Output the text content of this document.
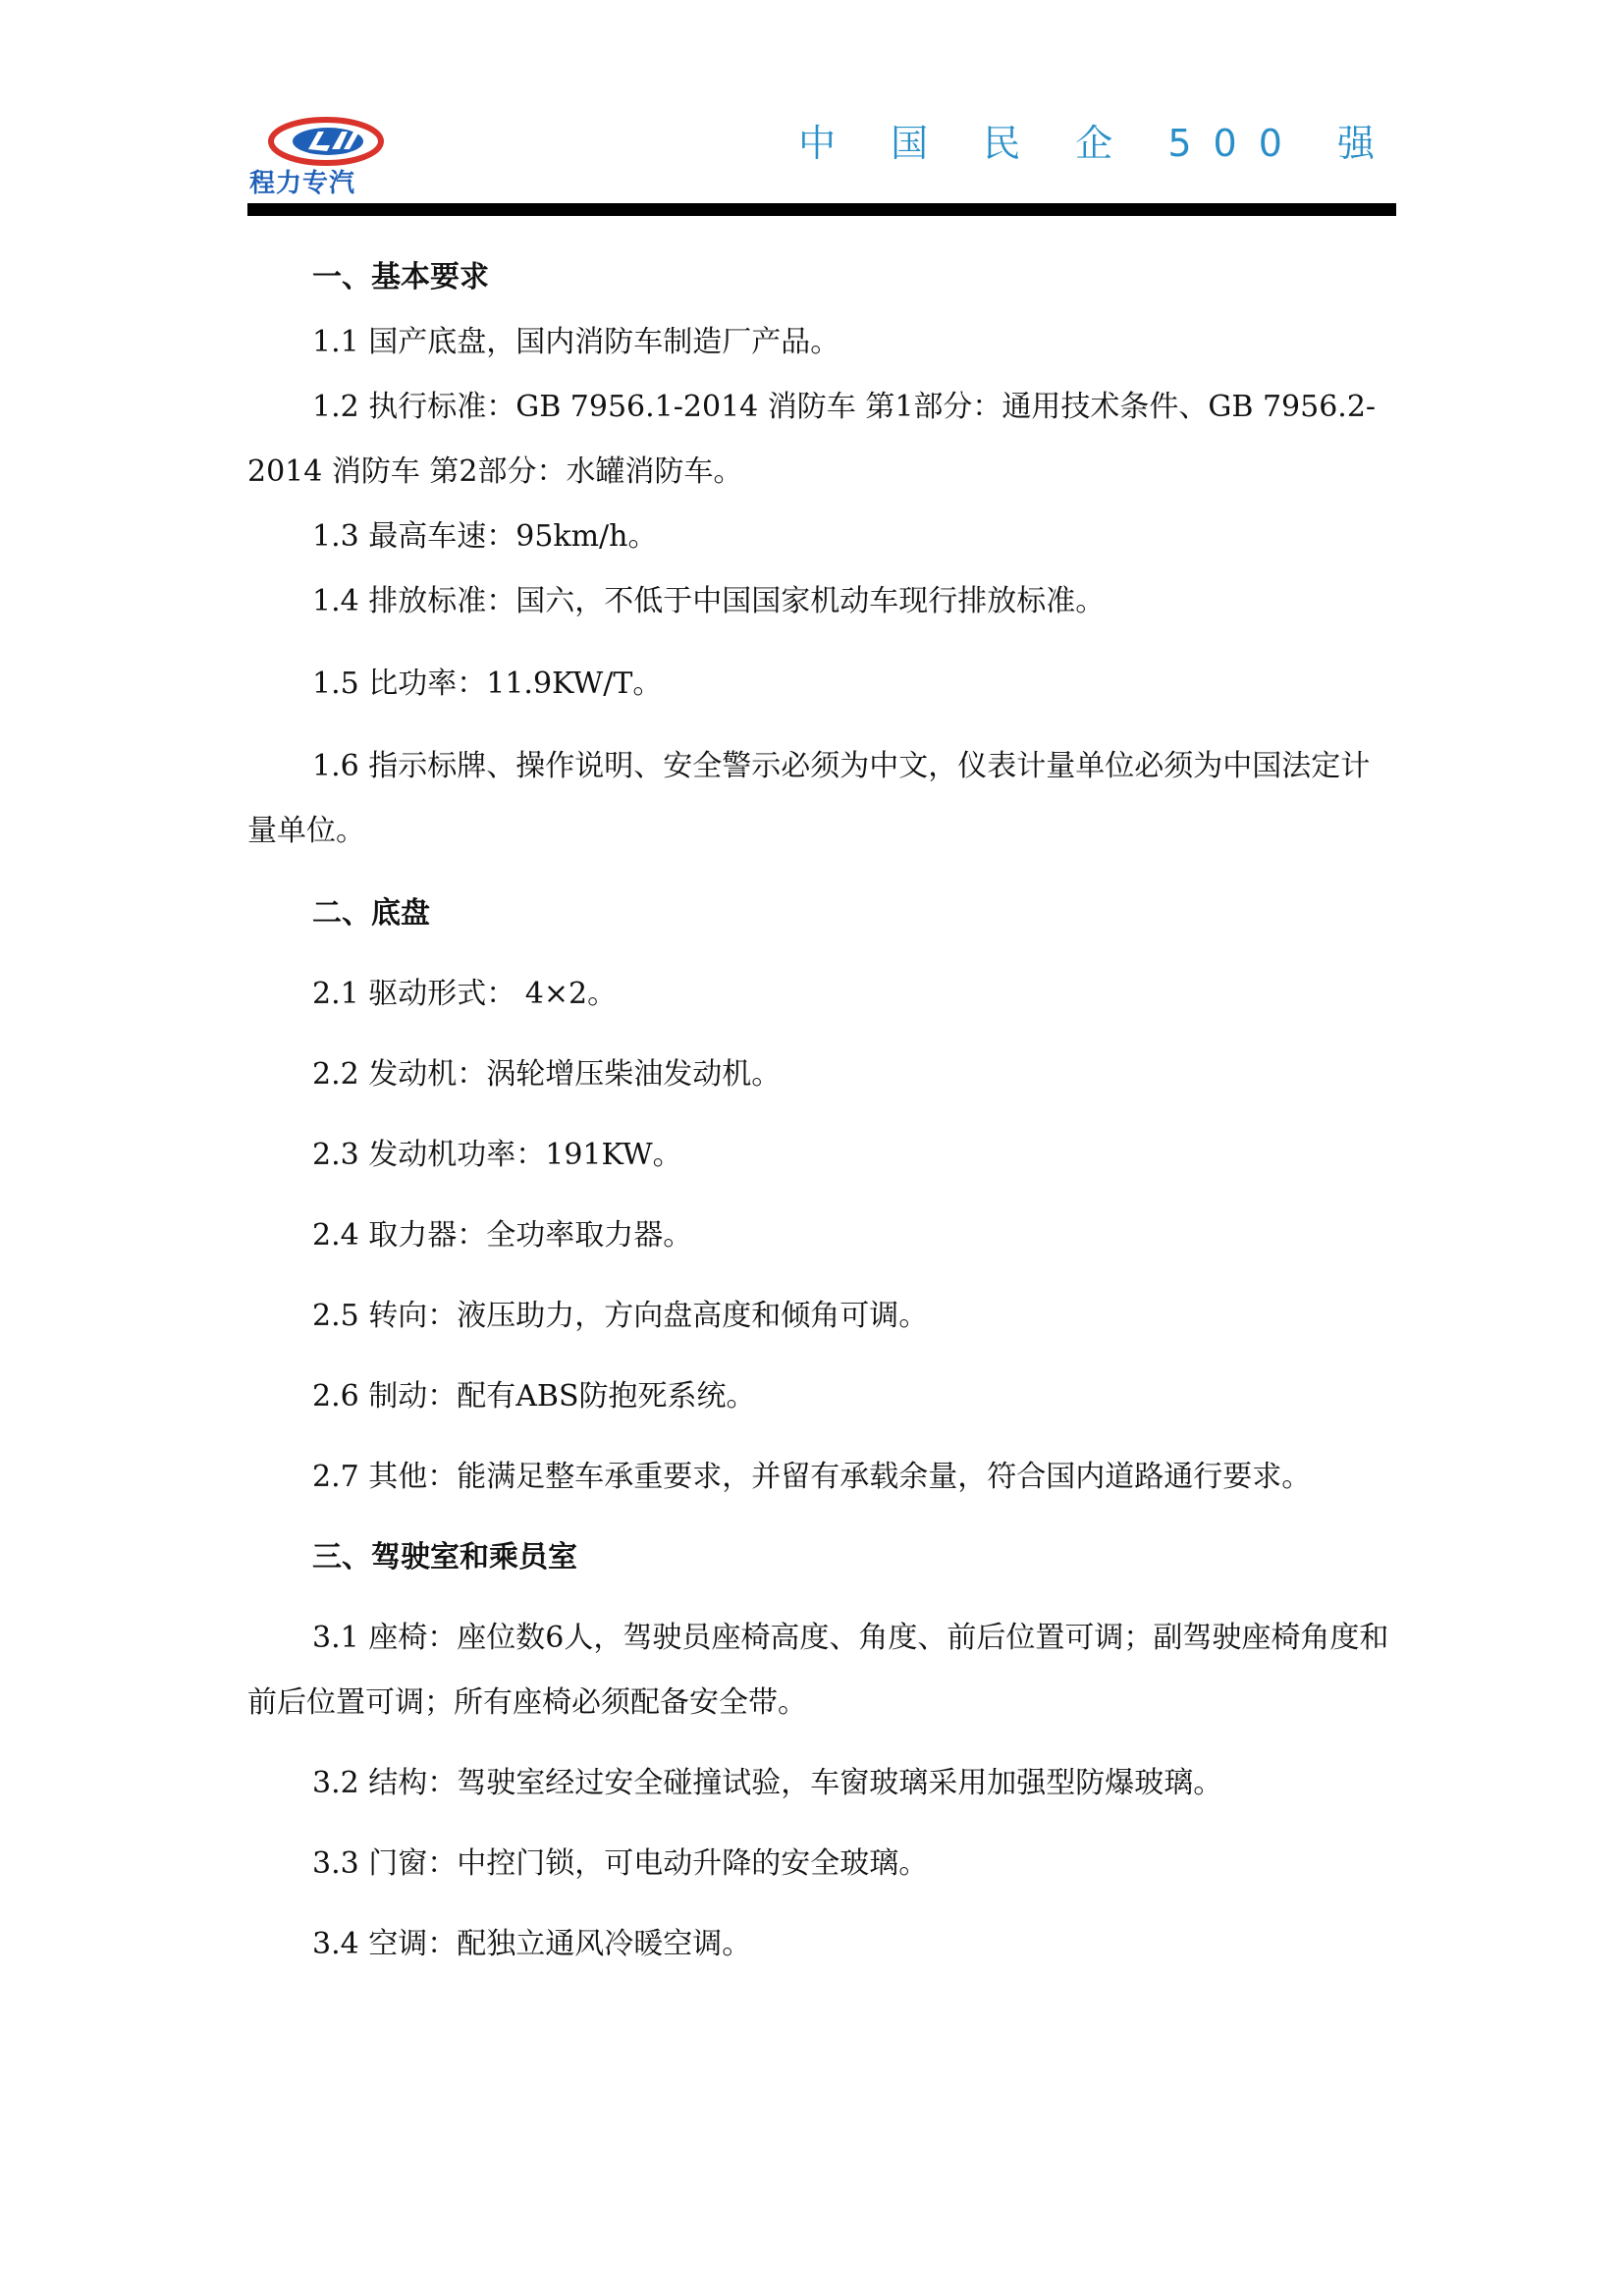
程力专汽
中 国 民 企 500 强

一、基本要求

1.1 国产底盘，国内消防车制造厂产品。

1.2 执行标准：GB 7956.1-2014 消防车 第1部分：通用技术条件、GB 7956.2-2014 消防车 第2部分：水罐消防车。

1.3 最高车速：95km/h。

1.4 排放标准：国六，不低于中国国家机动车现行排放标准。

1.5 比功率：11.9KW/T。

1.6 指示标牌、操作说明、安全警示必须为中文，仪表计量单位必须为中国法定计量单位。

二、底盘

2.1 驱动形式： 4×2。

2.2 发动机：涡轮增压柴油发动机。

2.3 发动机功率：191KW。

2.4 取力器：全功率取力器。

2.5 转向：液压助力，方向盘高度和倾角可调。

2.6 制动：配有ABS防抱死系统。

2.7 其他：能满足整车承重要求，并留有承载余量，符合国内道路通行要求。

三、驾驶室和乘员室

3.1 座椅：座位数6人，驾驶员座椅高度、角度、前后位置可调；副驾驶座椅角度和前后位置可调；所有座椅必须配备安全带。

3.2 结构：驾驶室经过安全碰撞试验，车窗玻璃采用加强型防爆玻璃。

3.3 门窗：中控门锁，可电动升降的安全玻璃。

3.4 空调：配独立通风冷暖空调。
